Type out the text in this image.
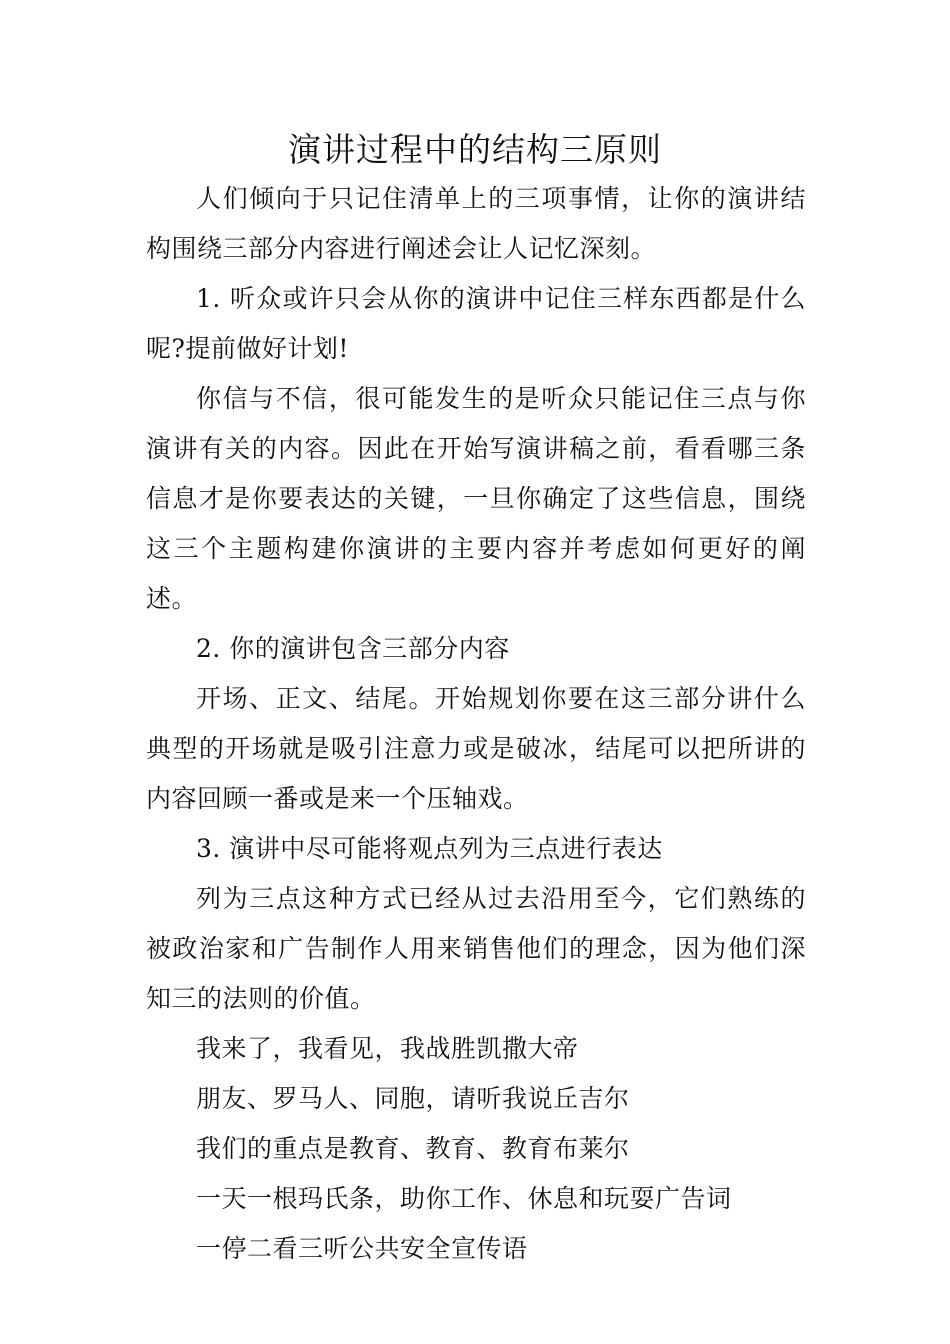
演讲过程中的结构三原则

人们倾向于只记住清单上的三项事情，让你的演讲结构围绕三部分内容进行阐述会让人记忆深刻。

1. 听众或许只会从你的演讲中记住三样东西都是什么呢?提前做好计划!

你信与不信，很可能发生的是听众只能记住三点与你演讲有关的内容。因此在开始写演讲稿之前，看看哪三条信息才是你要表达的关键，一旦你确定了这些信息，围绕这三个主题构建你演讲的主要内容并考虑如何更好的阐述。

2. 你的演讲包含三部分内容

开场、正文、结尾。开始规划你要在这三部分讲什么典型的开场就是吸引注意力或是破冰，结尾可以把所讲的内容回顾一番或是来一个压轴戏。

3. 演讲中尽可能将观点列为三点进行表达

列为三点这种方式已经从过去沿用至今，它们熟练的被政治家和广告制作人用来销售他们的理念，因为他们深知三的法则的价值。

我来了，我看见，我战胜凯撒大帝

朋友、罗马人、同胞，请听我说丘吉尔

我们的重点是教育、教育、教育布莱尔

一天一根玛氏条，助你工作、休息和玩耍广告词

一停二看三听公共安全宣传语
